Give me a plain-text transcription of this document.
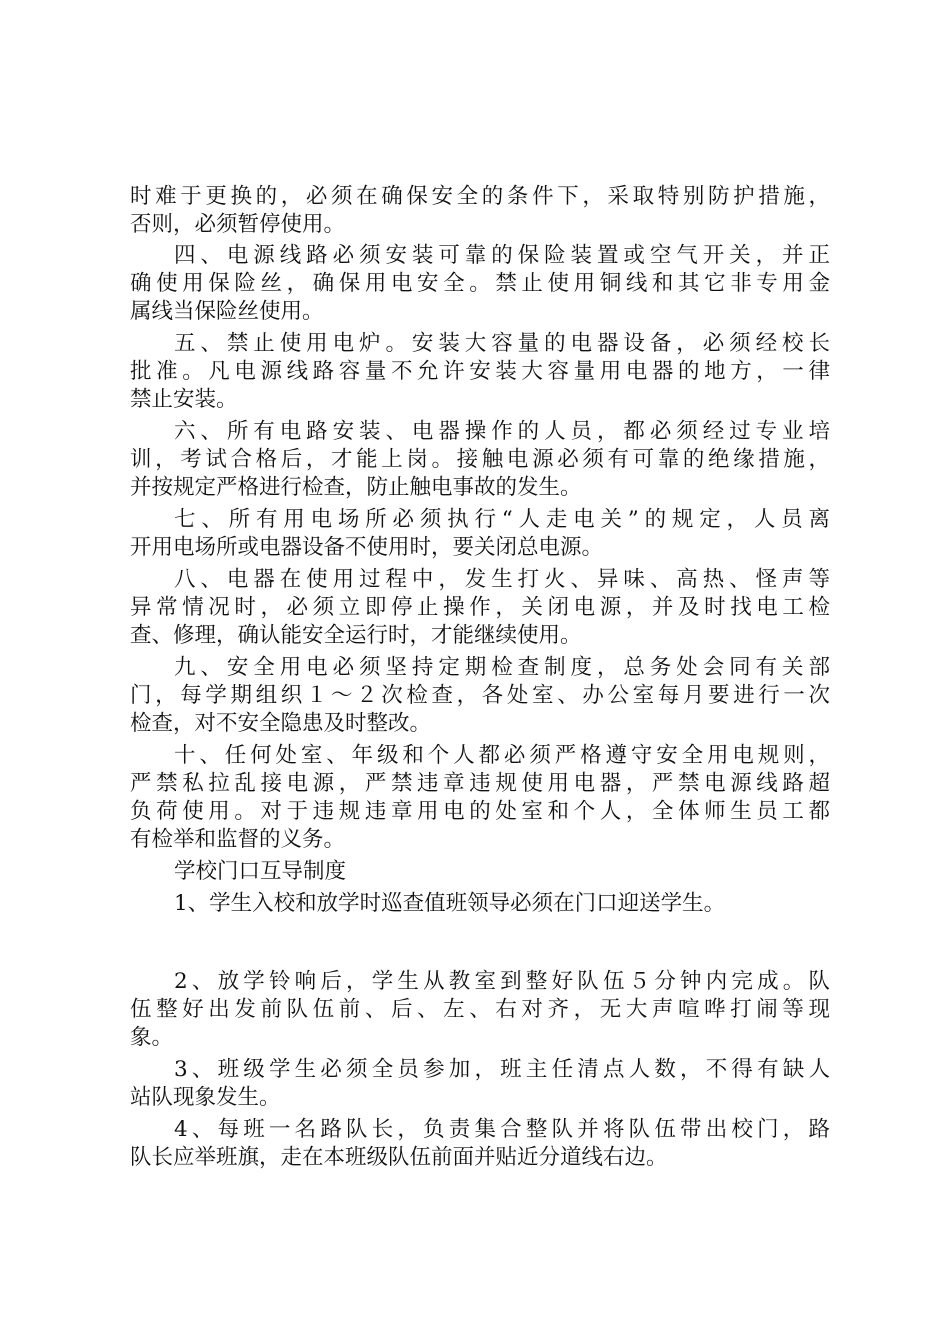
时难于更换的，必须在确保安全的条件下，采取特别防护措施，
否则，必须暂停使用。
四、电源线路必须安装可靠的保险装置或空气开关，并正
确使用保险丝，确保用电安全。禁止使用铜线和其它非专用金
属线当保险丝使用。
五、禁止使用电炉。安装大容量的电器设备，必须经校长
批准。凡电源线路容量不允许安装大容量用电器的地方，一律
禁止安装。
六、所有电路安装、电器操作的人员，都必须经过专业培
训，考试合格后，才能上岗。接触电源必须有可靠的绝缘措施，
并按规定严格进行检查，防止触电事故的发生。
七、所有用电场所必须执行“人走电关”的规定，人员离
开用电场所或电器设备不使用时，要关闭总电源。
八、电器在使用过程中，发生打火、异味、高热、怪声等
异常情况时，必须立即停止操作，关闭电源，并及时找电工检
查、修理，确认能安全运行时，才能继续使用。
九、安全用电必须坚持定期检查制度，总务处会同有关部
门，每学期组织１～２次检查，各处室、办公室每月要进行一次
检查，对不安全隐患及时整改。
十、任何处室、年级和个人都必须严格遵守安全用电规则，
严禁私拉乱接电源，严禁违章违规使用电器，严禁电源线路超
负荷使用。对于违规违章用电的处室和个人，全体师生员工都
有检举和监督的义务。
学校门口互导制度
1、学生入校和放学时巡查值班领导必须在门口迎送学生。
2、放学铃响后，学生从教室到整好队伍５分钟内完成。队
伍整好出发前队伍前、后、左、右对齐，无大声喧哗打闹等现
象。
3、班级学生必须全员参加，班主任清点人数，不得有缺人
站队现象发生。
4、每班一名路队长，负责集合整队并将队伍带出校门，路
队长应举班旗，走在本班级队伍前面并贴近分道线右边。
